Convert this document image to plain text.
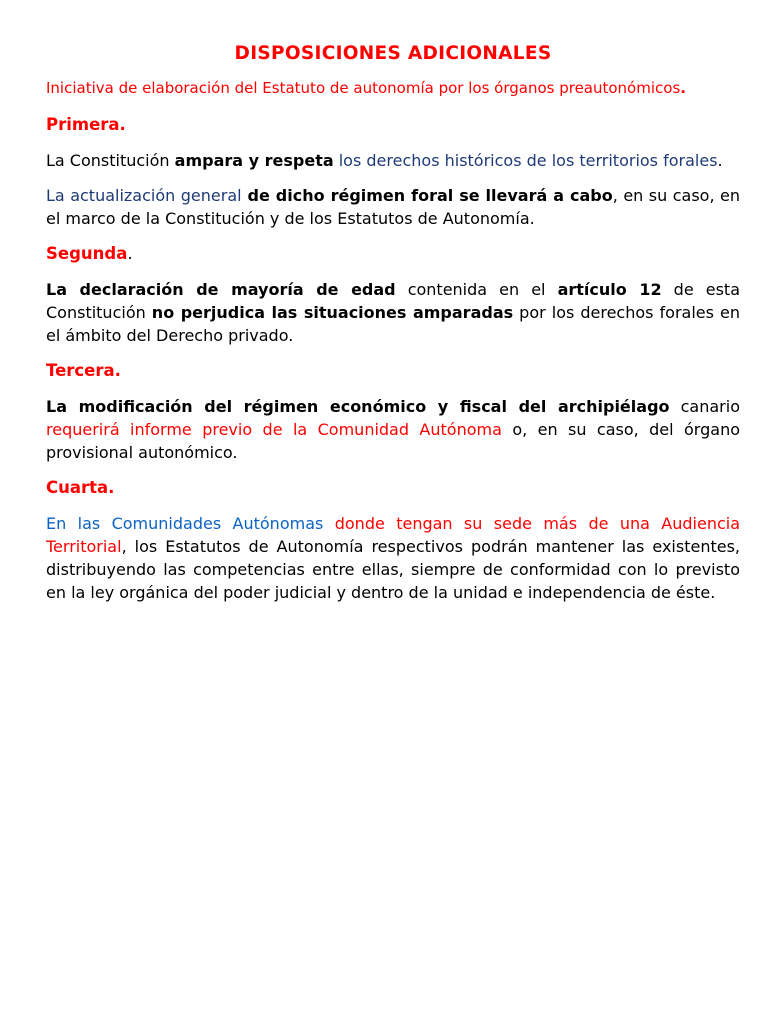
DISPOSICIONES ADICIONALES
Iniciativa de elaboración del Estatuto de autonomía por los órganos preautonómicos.
Primera.

La Constitución ampara y respeta los derechos históricos de los territorios forales.

La actualización general de dicho régimen foral se llevará a cabo, en su caso, en el marco de la Constitución y de los Estatutos de Autonomía.

Segunda.

La declaración de mayoría de edad contenida en el artículo 12 de esta Constitución no perjudica las situaciones amparadas por los derechos forales en el ámbito del Derecho privado.

Tercera.

La modificación del régimen económico y fiscal del archipiélago canario requerirá informe previo de la Comunidad Autónoma o, en su caso, del órgano provisional autonómico.

Cuarta.

En las Comunidades Autónomas donde tengan su sede más de una Audiencia Territorial, los Estatutos de Autonomía respectivos podrán mantener las existentes, distribuyendo las competencias entre ellas, siempre de conformidad con lo previsto en la ley orgánica del poder judicial y dentro de la unidad e independencia de éste.
